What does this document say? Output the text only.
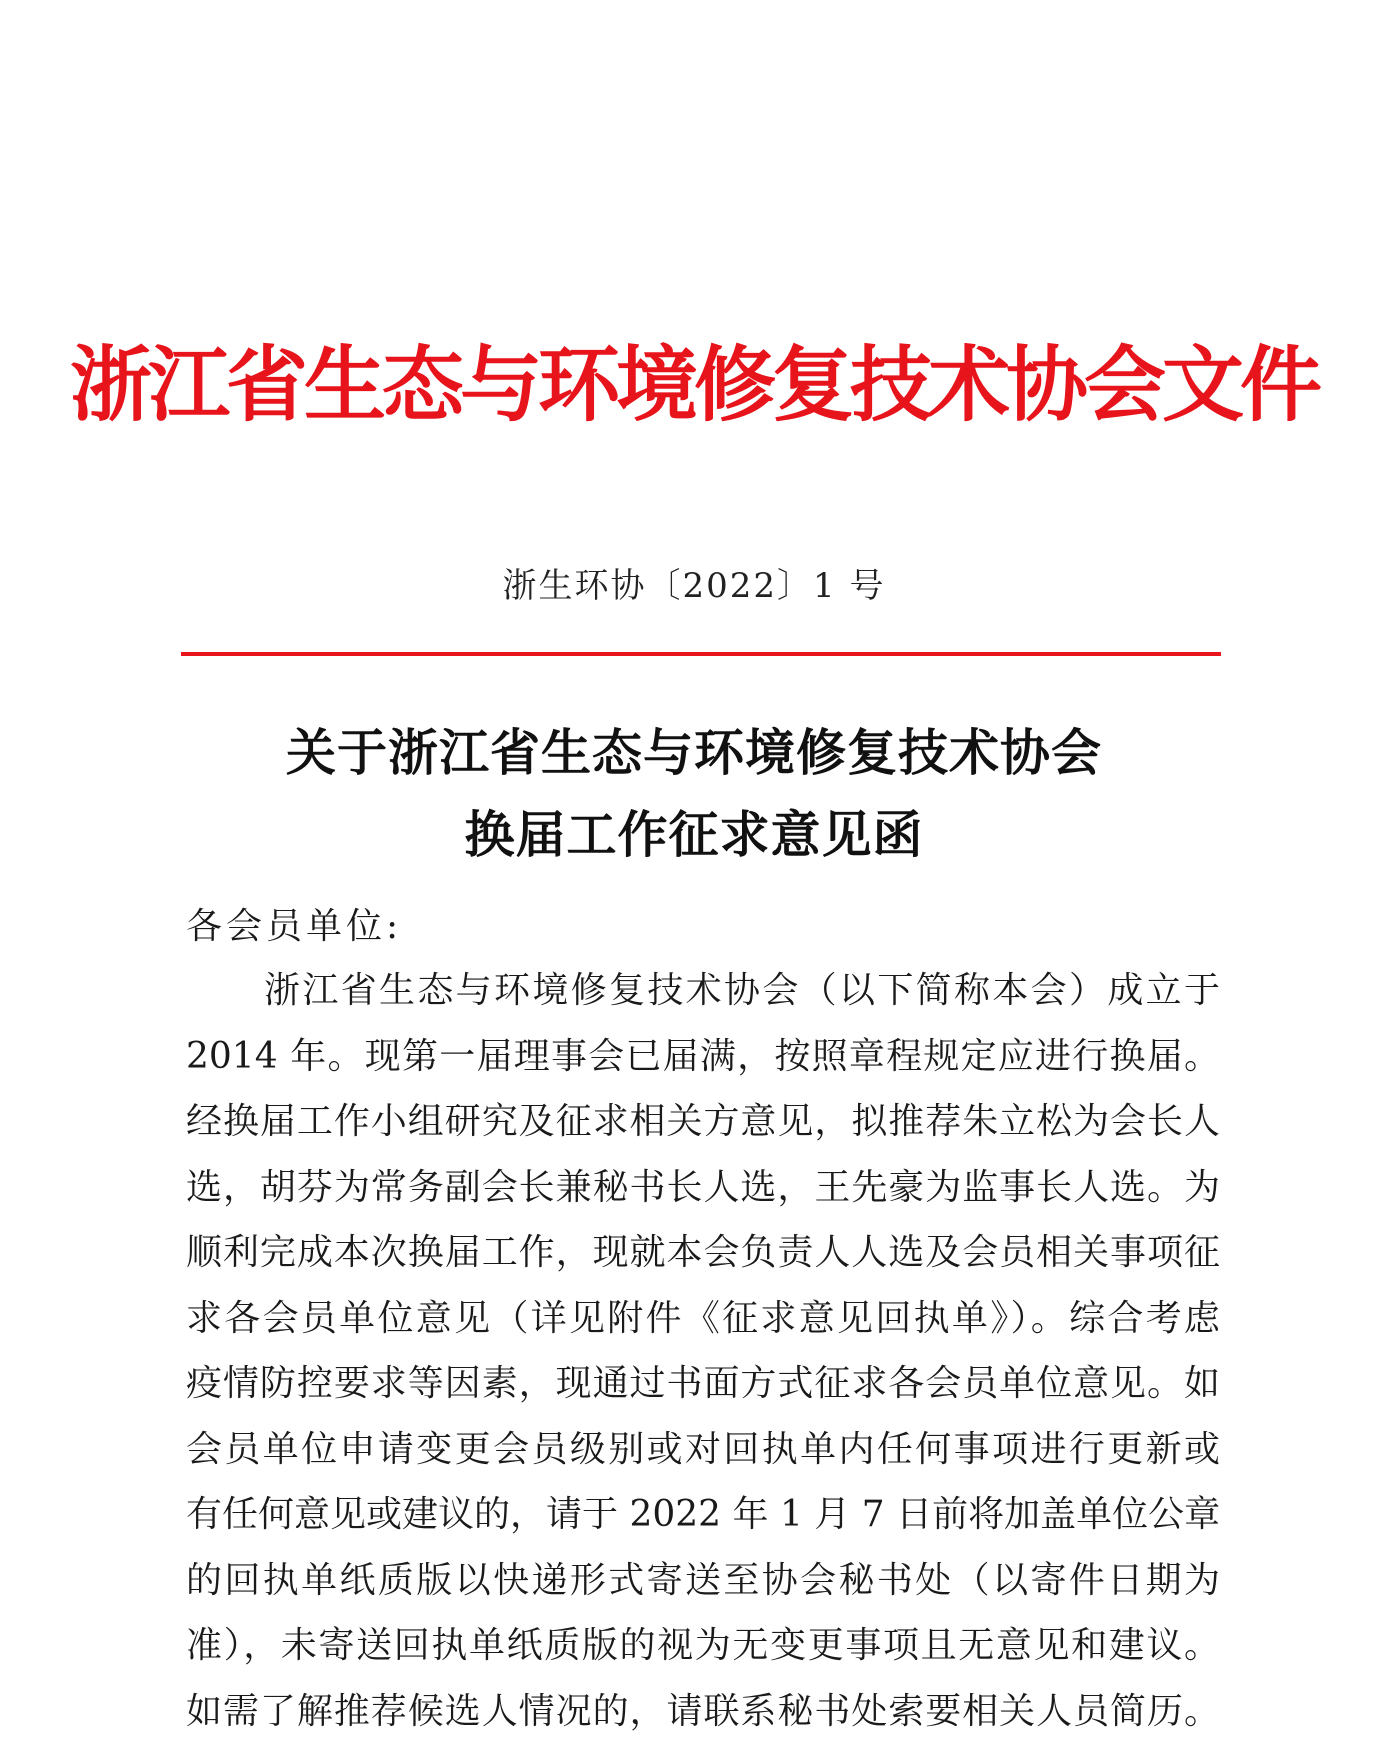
浙江省生态与环境修复技术协会文件
浙生环协〔2022〕1 号
关于浙江省生态与环境修复技术协会
换届工作征求意见函
各会员单位:
浙江省生态与环境修复技术协会（以下简称本会）成立于
2014 年。现第一届理事会已届满，按照章程规定应进行换届。
经换届工作小组研究及征求相关方意见，拟推荐朱立松为会长人
选，胡芬为常务副会长兼秘书长人选，王先豪为监事长人选。为
顺利完成本次换届工作，现就本会负责人人选及会员相关事项征
求各会员单位意见（详见附件《征求意见回执单》）。综合考虑
疫情防控要求等因素，现通过书面方式征求各会员单位意见。如
会员单位申请变更会员级别或对回执单内任何事项进行更新或
有任何意见或建议的，请于 2022 年 1 月 7 日前将加盖单位公章
的回执单纸质版以快递形式寄送至协会秘书处（以寄件日期为
准），未寄送回执单纸质版的视为无变更事项且无意见和建议。
如需了解推荐候选人情况的，请联系秘书处索要相关人员简历。
